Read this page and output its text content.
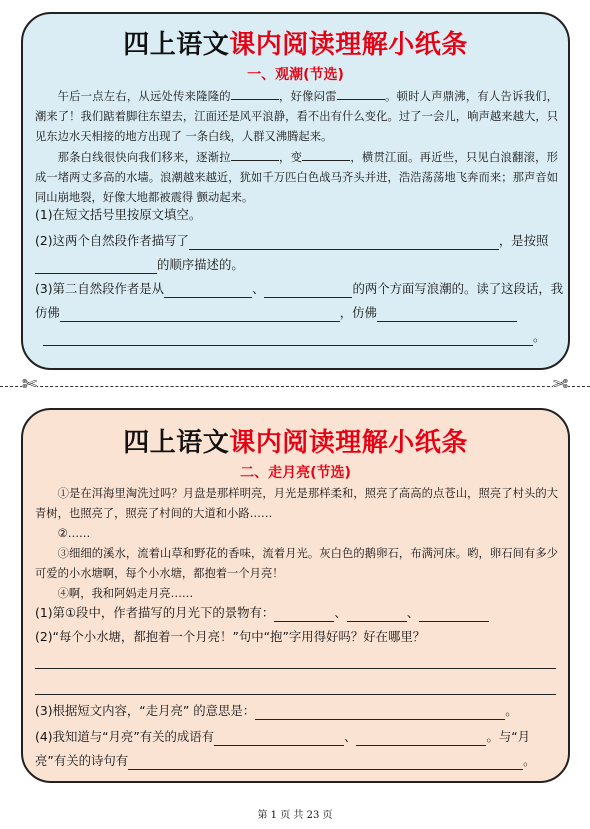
四上语文课内阅读理解小纸条
一、观潮(节选)

午后一点左右，从远处传来隆隆的	，好像闷雷	。顿时人声鼎沸，有人告诉我们，潮来了！我们踮着脚往东望去，江面还是风平浪静，看不出有什么变化。过了一会儿，响声越来越大，只见东边水天相接的地方出现了 一条白线，人群又沸腾起来。

那条白线很快向我们移来，逐渐拉	，变	，横贯江面。再近些，只见白浪翻滚，形成一堵两丈多高的水墙。浪潮越来越近，犹如千万匹白色战马齐头并进，浩浩荡荡地飞奔而来；那声音如同山崩地裂，好像大地都被震得 颤动起来。

(1)在短文括号里按原文填空。
(2)这两个自然段作者描写了	，是按照
的顺序描述的。
(3)第二自然段作者是从	、	的两个方面写浪潮的。读了这段话，我
仿佛	，仿佛
。
✄	✄
四上语文课内阅读理解小纸条
二、走月亮(节选)

①是在洱海里淘洗过吗？月盘是那样明亮，月光是那样柔和，照亮了高高的点苍山，照亮了村头的大青树，也照亮了，照亮了村间的大道和小路……

②……

③细细的溪水，流着山草和野花的香味，流着月光。灰白色的鹅卵石，布满河床。哟，卵石间有多少可爱的小水塘啊，每个小水塘，都抱着一个月亮！

④啊，我和阿妈走月亮……

(1)第①段中，作者描写的月光下的景物有：	、	、
(2)“每个小水塘，都抱着一个月亮！”句中“抱”字用得好吗？好在哪里？
(3)根据短文内容，“走月亮” 的意思是：	。
(4)我知道与“月亮”有关的成语有	、	。与“月
亮”有关的诗句有	。
第 1 页 共 23 页
